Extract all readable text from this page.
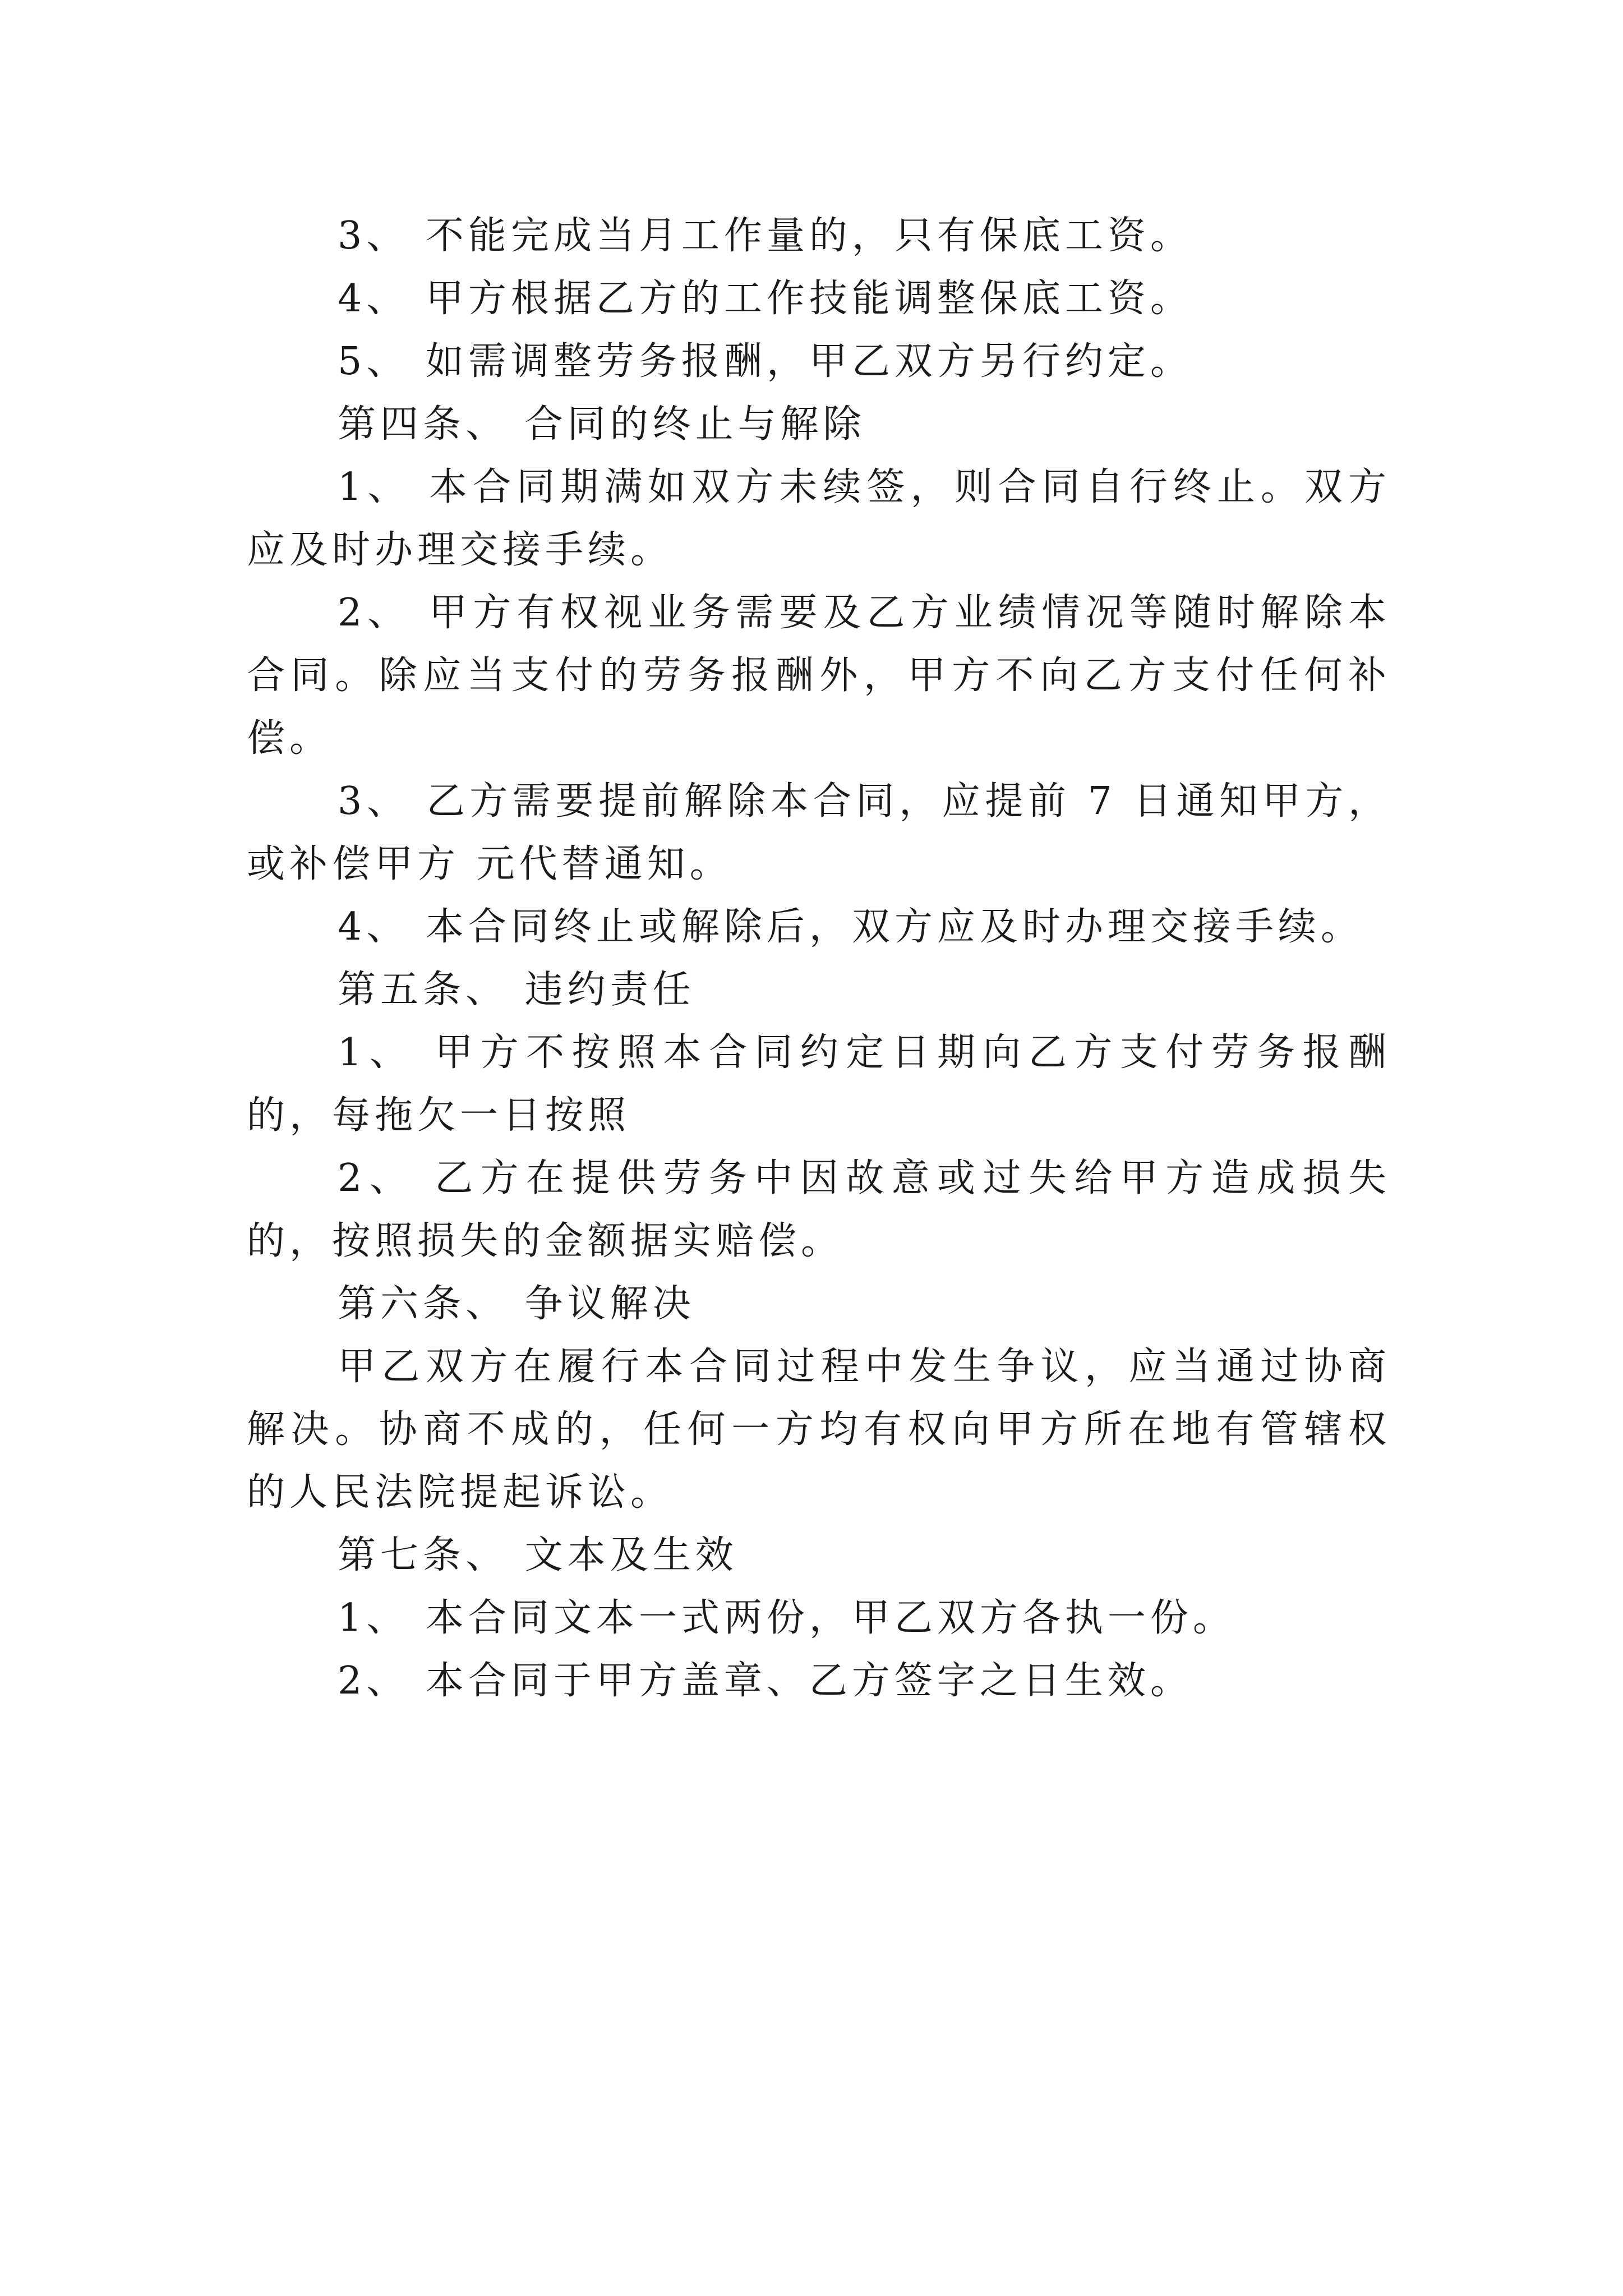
3、 不能完成当月工作量的，只有保底工资。

4、 甲方根据乙方的工作技能调整保底工资。

5、 如需调整劳务报酬，甲乙双方另行约定。

第四条、 合同的终止与解除

1、 本合同期满如双方未续签，则合同自行终止。双方应及时办理交接手续。

2、 甲方有权视业务需要及乙方业绩情况等随时解除本合同。除应当支付的劳务报酬外，甲方不向乙方支付任何补偿。

3、 乙方需要提前解除本合同，应提前 7 日通知甲方，或补偿甲方 元代替通知。

4、 本合同终止或解除后，双方应及时办理交接手续。

第五条、 违约责任

1、 甲方不按照本合同约定日期向乙方支付劳务报酬的，每拖欠一日按照

2、 乙方在提供劳务中因故意或过失给甲方造成损失的，按照损失的金额据实赔偿。

第六条、 争议解决

甲乙双方在履行本合同过程中发生争议，应当通过协商解决。协商不成的，任何一方均有权向甲方所在地有管辖权的人民法院提起诉讼。

第七条、 文本及生效

1、 本合同文本一式两份，甲乙双方各执一份。

2、 本合同于甲方盖章、乙方签字之日生效。
